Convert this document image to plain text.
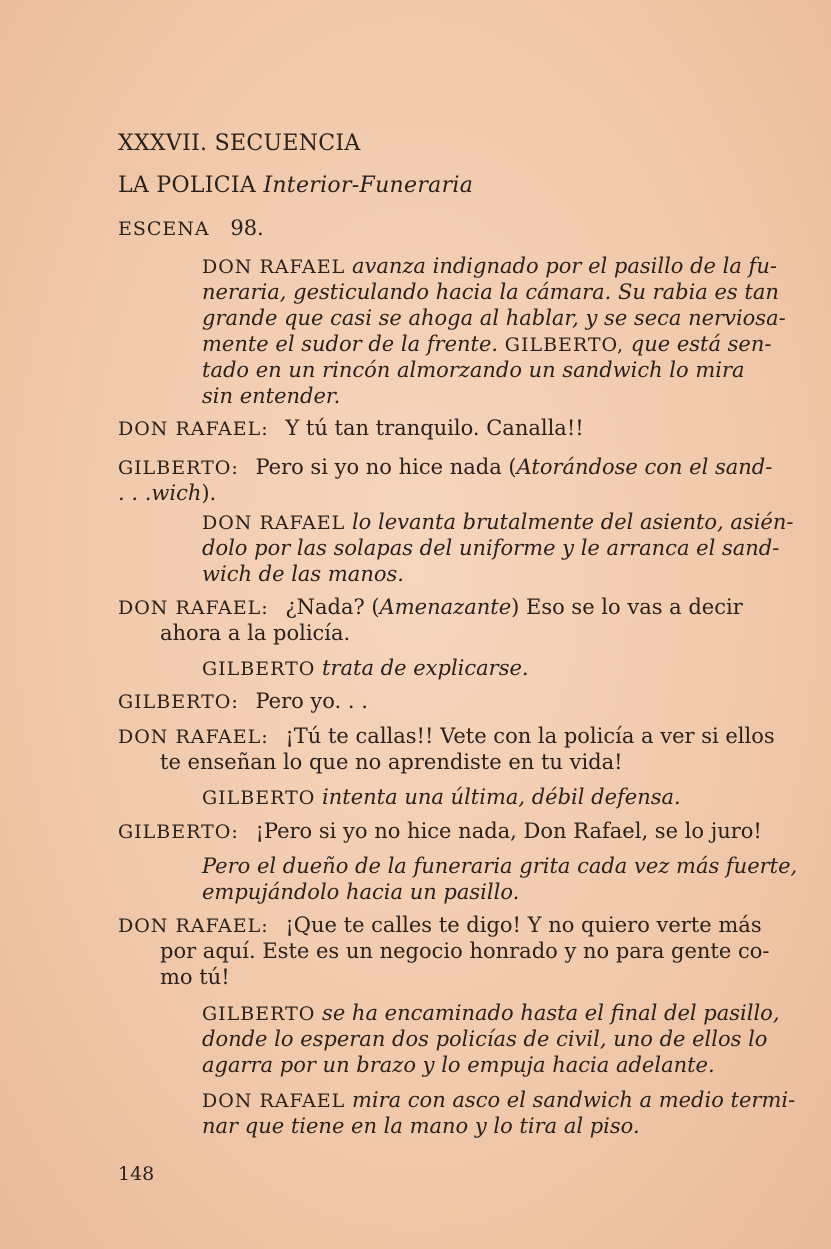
XXXVII. SECUENCIA
LA POLICIA Interior-Funeraria
ESCENA 98.
DON RAFAEL avanza indignado por el pasillo de la fu-
neraria, gesticulando hacia la cámara. Su rabia es tan
grande que casi se ahoga al hablar, y se seca nerviosa-
mente el sudor de la frente. GILBERTO, que está sen-
tado en un rincón almorzando un sandwich lo mira
sin entender.
DON RAFAEL: Y tú tan tranquilo. Canalla!!
GILBERTO: Pero si yo no hice nada (Atorándose con el sand-
. . .wich).
DON RAFAEL lo levanta brutalmente del asiento, asién-
dolo por las solapas del uniforme y le arranca el sand-
wich de las manos.
DON RAFAEL: ¿Nada? (Amenazante) Eso se lo vas a decir
ahora a la policía.
GILBERTO trata de explicarse.
GILBERTO: Pero yo. . .
DON RAFAEL: ¡Tú te callas!! Vete con la policía a ver si ellos
te enseñan lo que no aprendiste en tu vida!
GILBERTO intenta una última, débil defensa.
GILBERTO: ¡Pero si yo no hice nada, Don Rafael, se lo juro!
Pero el dueño de la funeraria grita cada vez más fuerte,
empujándolo hacia un pasillo.
DON RAFAEL: ¡Que te calles te digo! Y no quiero verte más
por aquí. Este es un negocio honrado y no para gente co-
mo tú!
GILBERTO se ha encaminado hasta el final del pasillo,
donde lo esperan dos policías de civil, uno de ellos lo
agarra por un brazo y lo empuja hacia adelante.
DON RAFAEL mira con asco el sandwich a medio termi-
nar que tiene en la mano y lo tira al piso.
148
